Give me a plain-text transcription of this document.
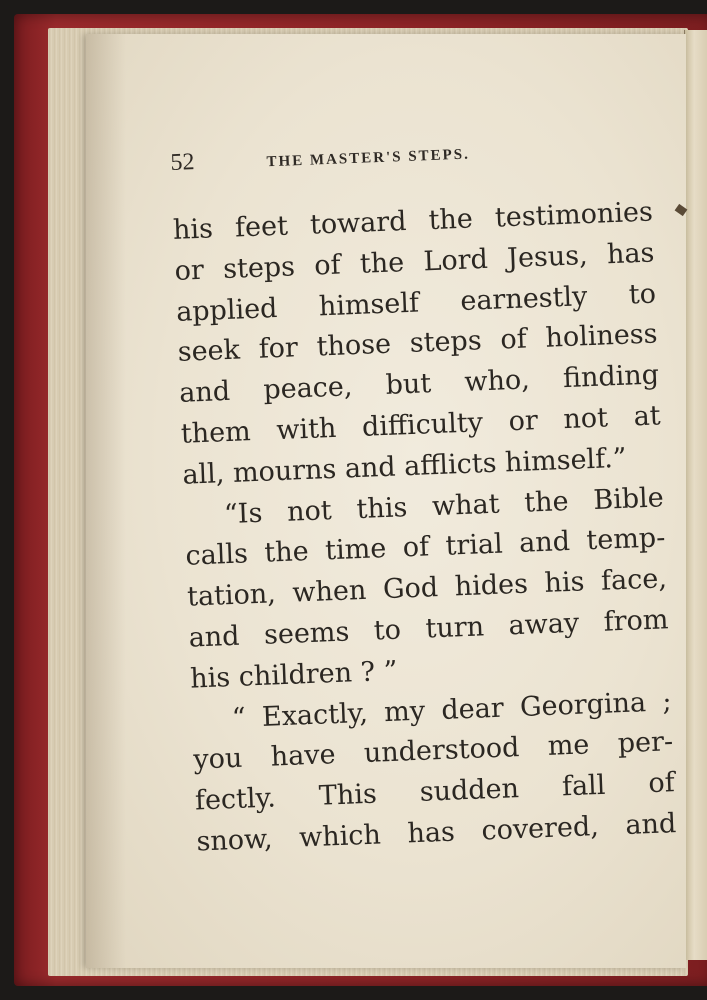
52	THE MASTER'S STEPS.
his feet toward the testimonies
or steps of the Lord Jesus, has
applied himself earnestly to
seek for those steps of holiness
and peace, but who, finding
them with difficulty or not at
all, mourns and afflicts himself.”
“Is not this what the Bible
calls the time of trial and temp-
tation, when God hides his face,
and seems to turn away from
his children ? ”
“ Exactly, my dear Georgina ;
you have understood me per-
fectly. This sudden fall of
snow, which has covered, and
